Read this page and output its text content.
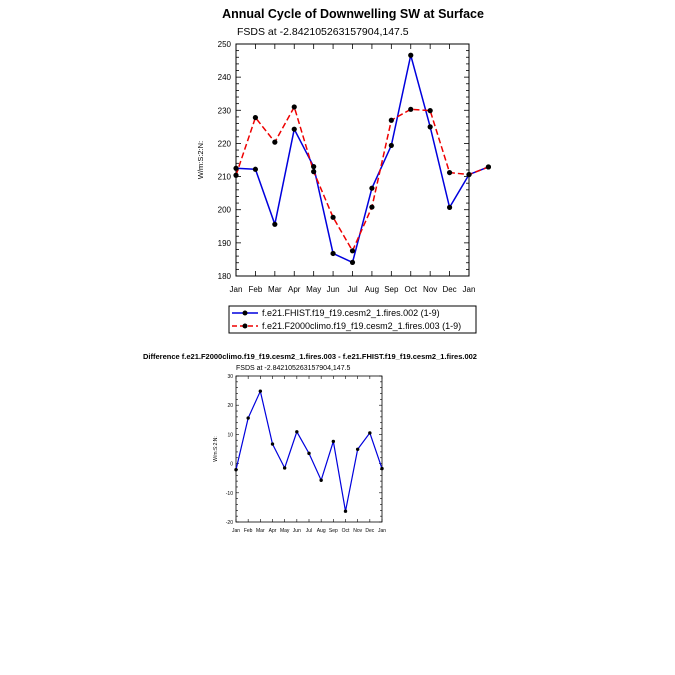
Annual Cycle of Downwelling SW at Surface
FSDS at -2.842105263157904,147.5
180
190
200
210
220
230
240
250
Jan Feb Mar Apr May Jun Jul Aug Sep Oct Nov Dec Jan
W/m:S:2:N:
f.e21.FHIST.f19_f19.cesm2_1.fires.002 (1-9)
f.e21.F2000climo.f19_f19.cesm2_1.fires.003 (1-9)
Difference f.e21.F2000climo.f19_f19.cesm2_1.fires.003 - f.e21.FHIST.f19_f19.cesm2_1.fires.002
FSDS at -2.842105263157904,147.5
-20
-10
0
10
20
30
Jan Feb Mar Apr May Jun Jul Aug Sep Oct Nov Dec Jan
W/m:S:2:N:
